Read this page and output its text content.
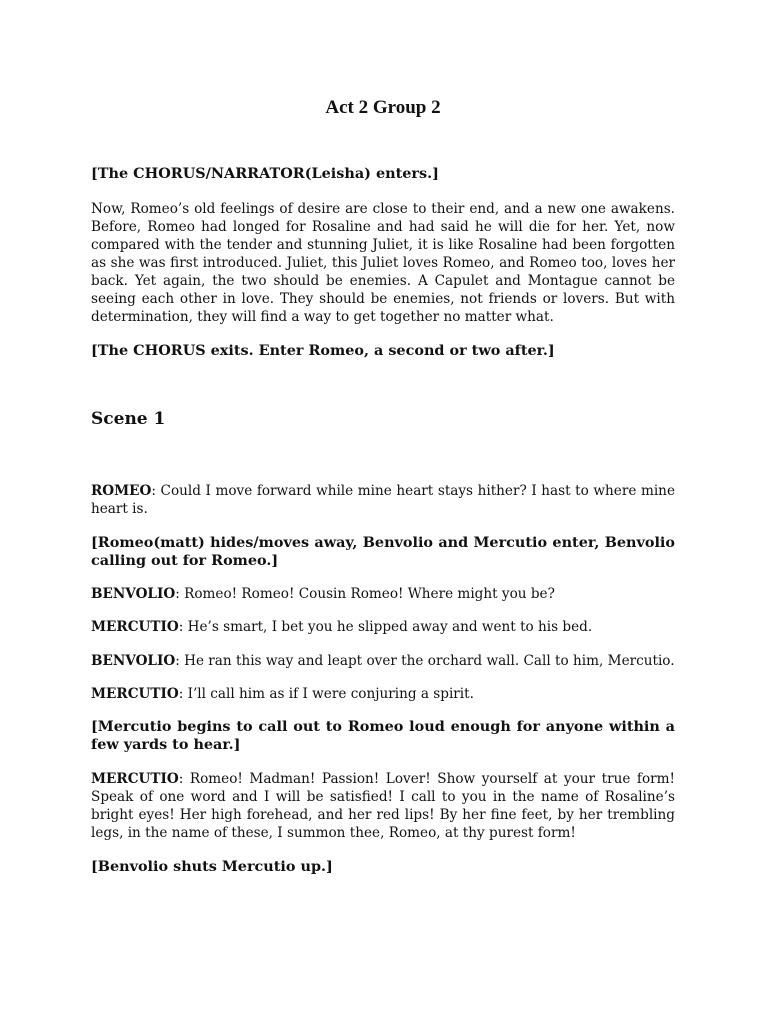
Act 2 Group 2

[The CHORUS/NARRATOR(Leisha) enters.]

Now, Romeo’s old feelings of desire are close to their end, and a new one awakens. Before, Romeo had longed for Rosaline and had said he will die for her. Yet, now compared with the tender and stunning Juliet, it is like Rosaline had been forgotten as she was first introduced. Juliet, this Juliet loves Romeo, and Romeo too, loves her back. Yet again, the two should be enemies. A Capulet and Montague cannot be seeing each other in love. They should be enemies, not friends or lovers. But with determination, they will find a way to get together no matter what.

[The CHORUS exits. Enter Romeo, a second or two after.]

Scene 1

ROMEO: Could I move forward while mine heart stays hither? I hast to where mine heart is.

[Romeo(matt) hides/moves away, Benvolio and Mercutio enter, Benvolio calling out for Romeo.]

BENVOLIO: Romeo! Romeo! Cousin Romeo! Where might you be?

MERCUTIO: He’s smart, I bet you he slipped away and went to his bed.

BENVOLIO: He ran this way and leapt over the orchard wall. Call to him, Mercutio.

MERCUTIO: I’ll call him as if I were conjuring a spirit.

[Mercutio begins to call out to Romeo loud enough for anyone within a few yards to hear.]

MERCUTIO: Romeo! Madman! Passion! Lover! Show yourself at your true form! Speak of one word and I will be satisfied! I call to you in the name of Rosaline’s bright eyes! Her high forehead, and her red lips! By her fine feet, by her trembling legs, in the name of these, I summon thee, Romeo, at thy purest form!

[Benvolio shuts Mercutio up.]
